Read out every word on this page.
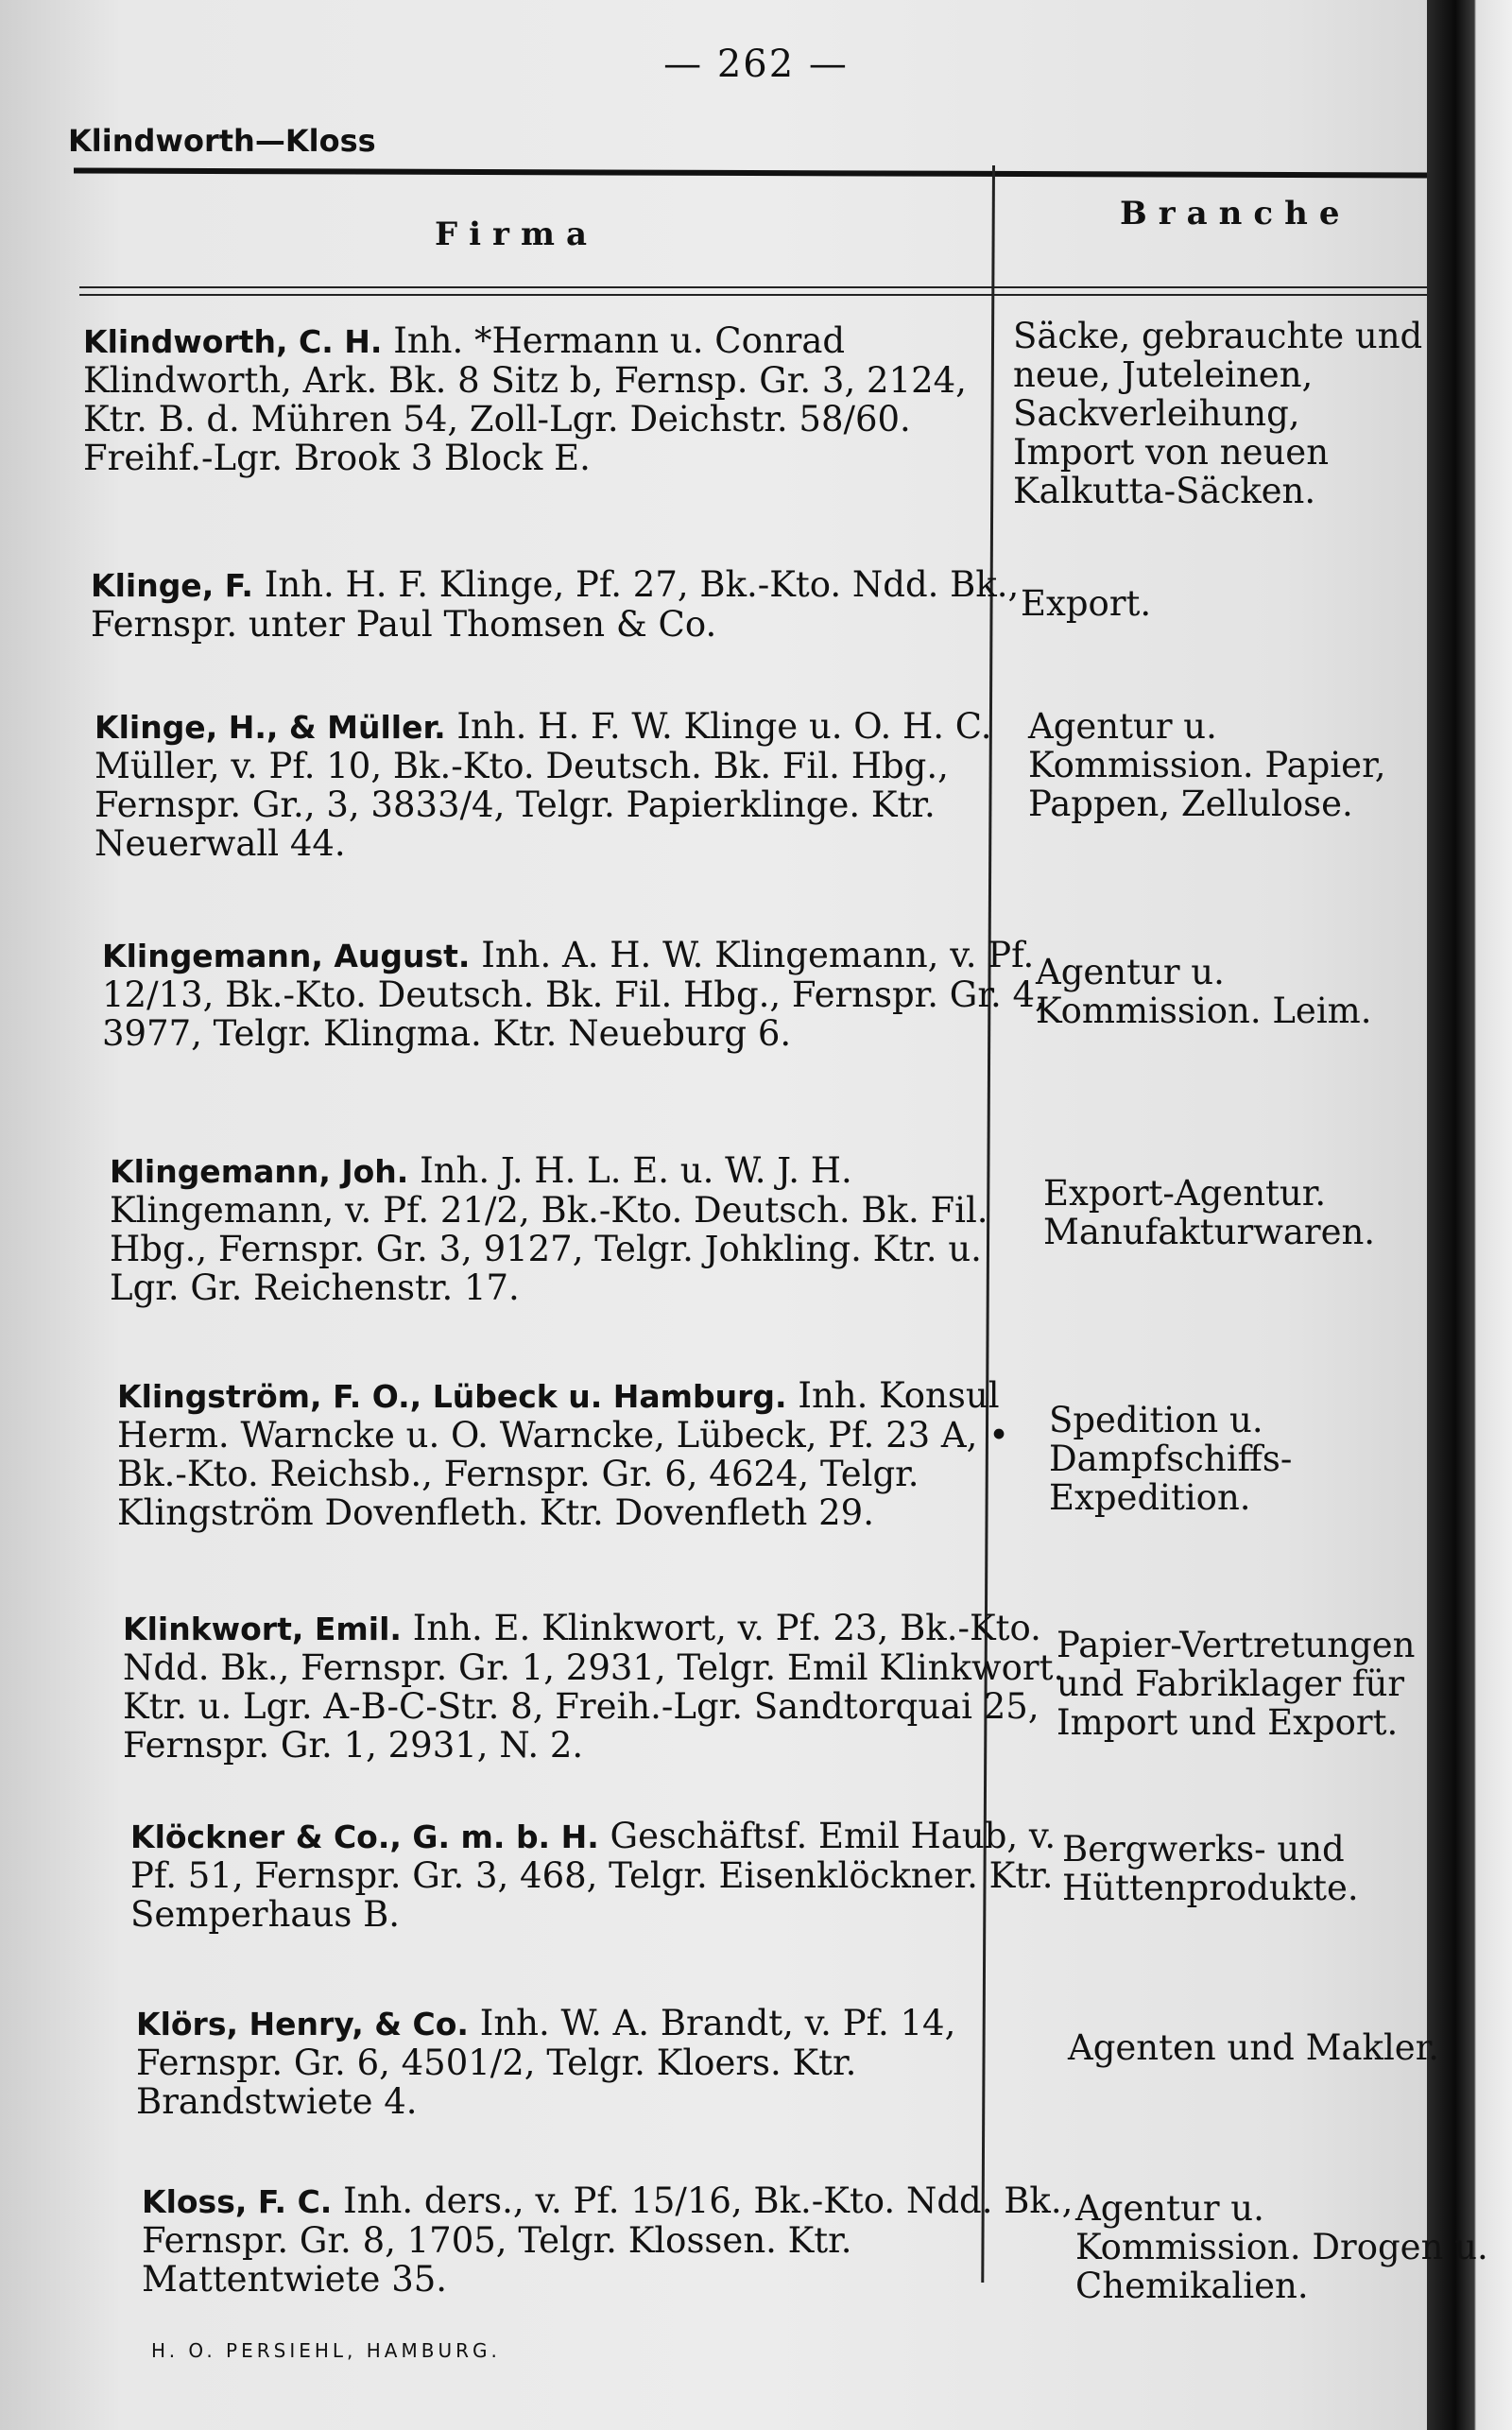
— 262 —
Klindworth—Kloss
Firma
Branche
Klindworth, C. H. Inh. *Hermann u. Conrad Klindworth, Ark. Bk. 8 Sitz b, Fernsp. Gr. 3, 2124, Ktr. B. d. Mühren 54, Zoll-Lgr. Deichstr. 58/60. Freihf.-Lgr. Brook 3 Block E.
Säcke, gebrauchte und neue, Juteleinen, Sackverleihung, Import von neuen Kalkutta-Säcken.
Klinge, F. Inh. H. F. Klinge, Pf. 27, Bk.-Kto. Ndd. Bk., Fernspr. unter Paul Thomsen & Co.
Export.
Klinge, H., & Müller. Inh. H. F. W. Klinge u. O. H. C. Müller, v. Pf. 10, Bk.-Kto. Deutsch. Bk. Fil. Hbg., Fernspr. Gr., 3, 3833/4, Telgr. Papierklinge. Ktr. Neuerwall 44.
Agentur u. Kommission. Papier, Pappen, Zellulose.
Klingemann, August. Inh. A. H. W. Klingemann, v. Pf. 12/13, Bk.-Kto. Deutsch. Bk. Fil. Hbg., Fernspr. Gr. 4, 3977, Telgr. Klingma. Ktr. Neueburg 6.
Agentur u. Kommission. Leim.
Klingemann, Joh. Inh. J. H. L. E. u. W. J. H. Klingemann, v. Pf. 21/2, Bk.-Kto. Deutsch. Bk. Fil. Hbg., Fernspr. Gr. 3, 9127, Telgr. Johkling. Ktr. u. Lgr. Gr. Reichenstr. 17.
Export-Agentur. Manufakturwaren.
Klingström, F. O., Lübeck u. Hamburg. Inh. Konsul Herm. Warncke u. O. Warncke, Lübeck, Pf. 23 A, • Bk.-Kto. Reichsb., Fernspr. Gr. 6, 4624, Telgr. Klingström Dovenfleth. Ktr. Dovenfleth 29.
Spedition u. Dampfschiffs-Expedition.
Klinkwort, Emil. Inh. E. Klinkwort, v. Pf. 23, Bk.-Kto. Ndd. Bk., Fernspr. Gr. 1, 2931, Telgr. Emil Klinkwort. Ktr. u. Lgr. A-B-C-Str. 8, Freih.-Lgr. Sandtorquai 25, Fernspr. Gr. 1, 2931, N. 2.
Papier-Vertretungen und Fabriklager für Import und Export.
Klöckner & Co., G. m. b. H. Geschäftsf. Emil Haub, v. Pf. 51, Fernspr. Gr. 3, 468, Telgr. Eisenklöckner. Ktr. Semperhaus B.
Bergwerks- und Hüttenprodukte.
Klörs, Henry, & Co. Inh. W. A. Brandt, v. Pf. 14, Fernspr. Gr. 6, 4501/2, Telgr. Kloers. Ktr. Brandstwiete 4.
Agenten und Makler.
Kloss, F. C. Inh. ders., v. Pf. 15/16, Bk.-Kto. Ndd. Bk., Fernspr. Gr. 8, 1705, Telgr. Klossen. Ktr. Mattentwiete 35.
Agentur u. Kommission. Drogen u. Chemikalien.
H. O. PERSIEHL, HAMBURG.
